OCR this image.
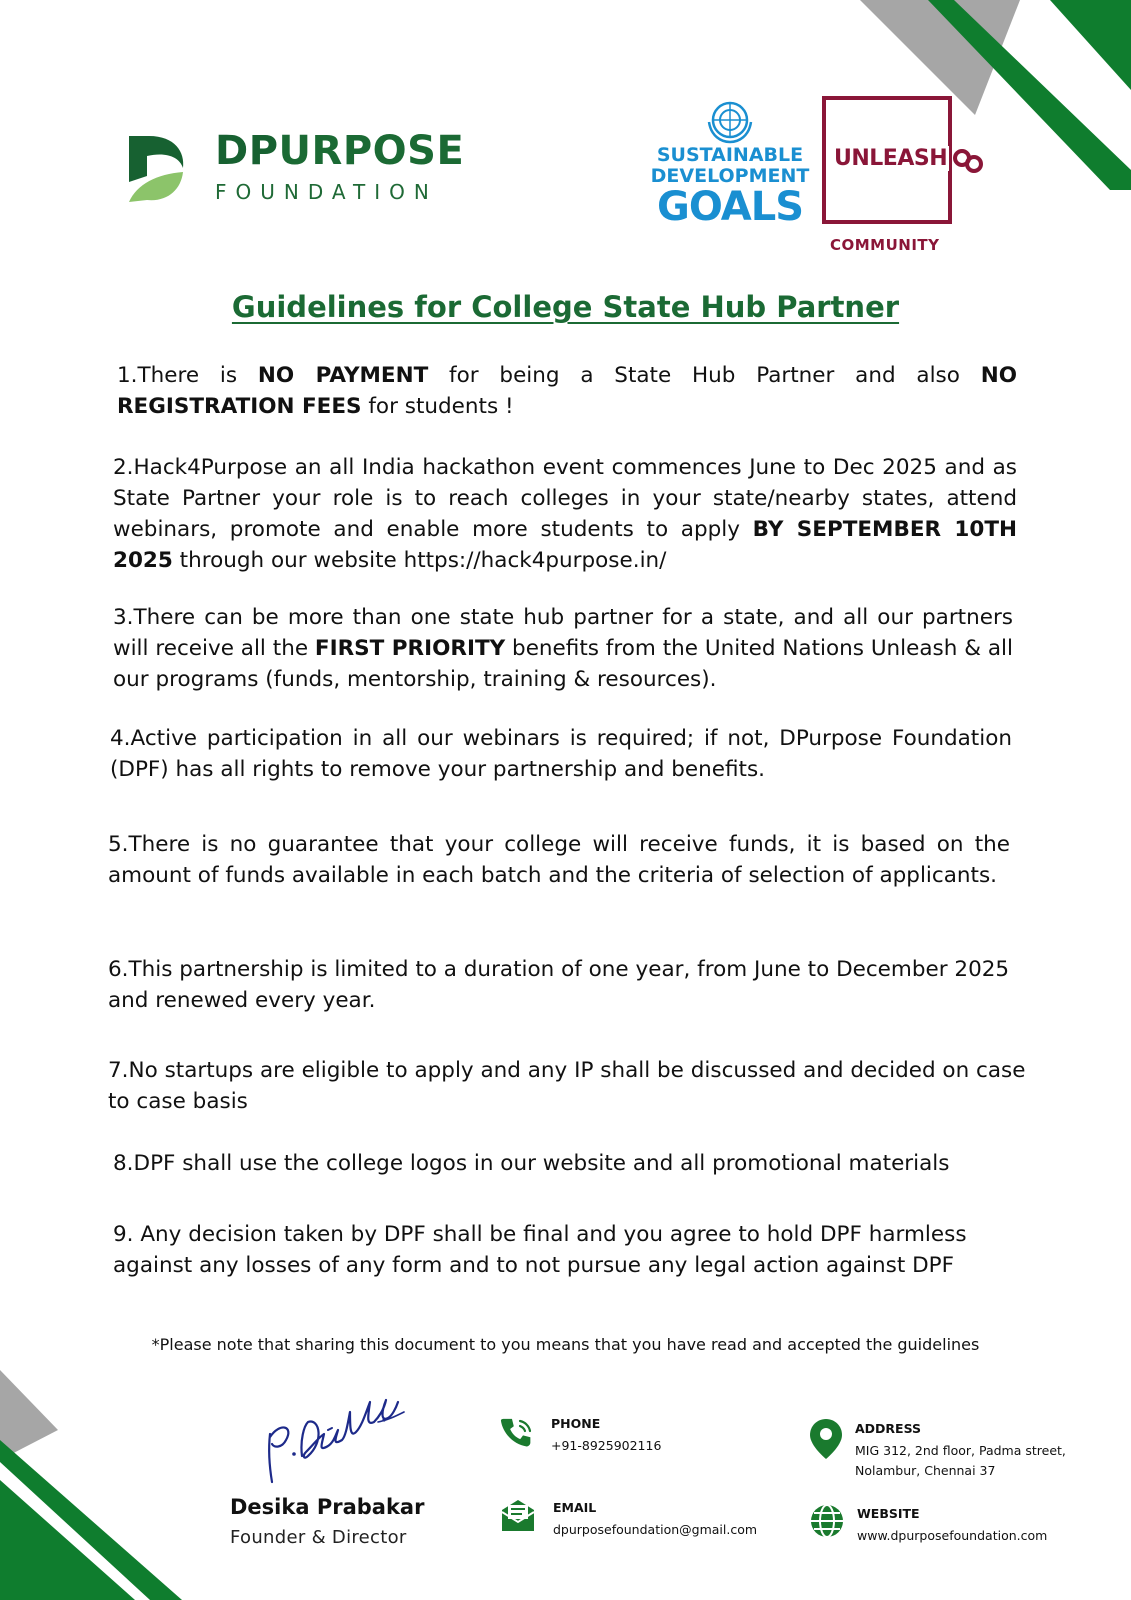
DPURPOSE
FOUNDATION
SUSTAINABLE
DEVELOPMENT
GOALS
UNLEASH
COMMUNITY
Guidelines for College State Hub Partner
1.There is NO PAYMENT for being a State Hub Partner and also NO REGISTRATION FEES for students !
2.Hack4Purpose an all India hackathon event commences June to Dec 2025 and as State Partner your role is to reach colleges in your state/nearby states, attend webinars, promote and enable more students to apply BY SEPTEMBER 10TH 2025 through our website https://hack4purpose.in/
3.There can be more than one state hub partner for a state, and all our partners will receive all the FIRST PRIORITY benefits from the United Nations Unleash & all our programs (funds, mentorship, training & resources).
4.Active participation in all our webinars is required; if not, DPurpose Foundation (DPF) has all rights to remove your partnership and benefits.
5.There is no guarantee that your college will receive funds, it is based on the amount of funds available in each batch and the criteria of selection of applicants.
6.This partnership is limited to a duration of one year, from June to December 2025 and renewed every year.
7.No startups are eligible to apply and any IP shall be discussed and decided on case to case basis
8.DPF shall use the college logos in our website and all promotional materials
9. Any decision taken by DPF shall be final and you agree to hold DPF harmless against any losses of any form and to not pursue any legal action against DPF
*Please note that sharing this document to you means that you have read and accepted the guidelines
Desika Prabakar
Founder & Director
PHONE
+91-8925902116
EMAIL
dpurposefoundation@gmail.com
ADDRESS
MIG 312, 2nd floor, Padma street,
Nolambur, Chennai 37
WEBSITE
www.dpurposefoundation.com
